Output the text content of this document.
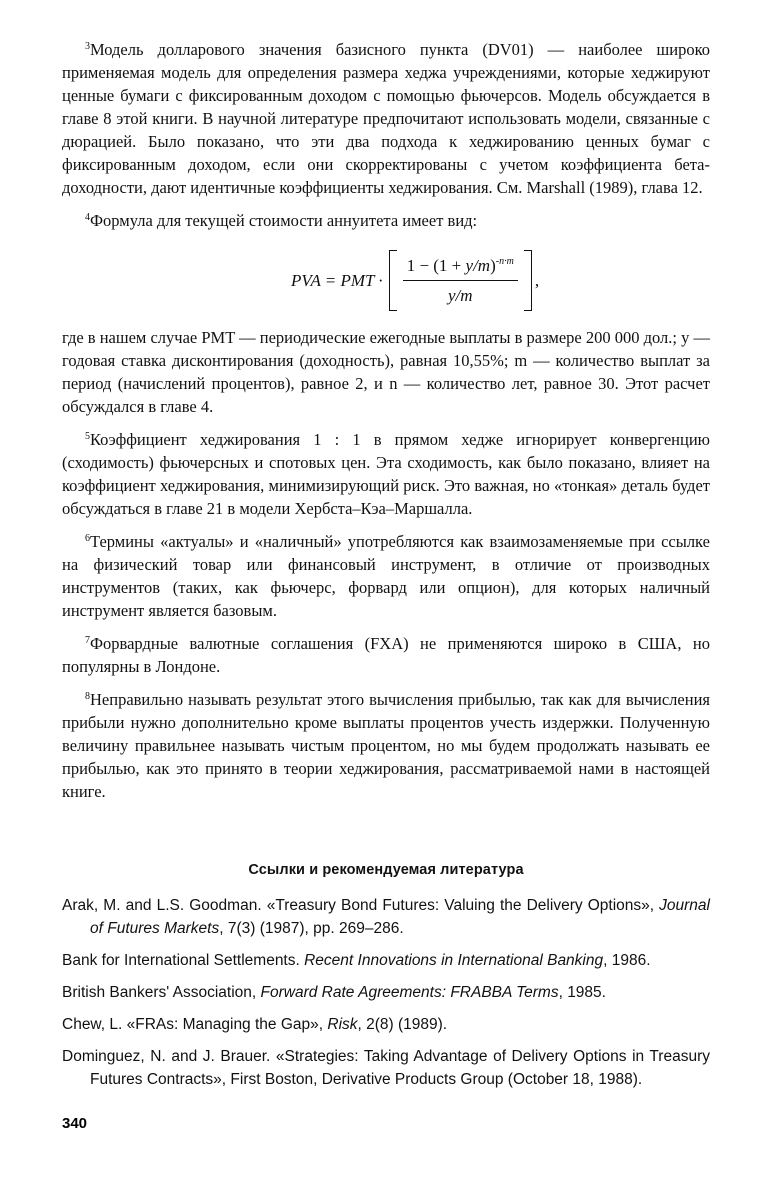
$^3$Модель долларового значения базисного пункта (DV01) — наиболее широко применяемая модель для определения размера хеджа учреждениями, которые хеджируют ценные бумаги с фиксированным доходом с помощью фьючерсов. Модель обсуждается в главе 8 этой книги. В научной литературе предпочитают использовать модели, связанные с дюрацией. Было показано, что эти два подхода к хеджированию ценных бумаг с фиксированным доходом, если они скорректированы с учетом коэффициента бета-доходности, дают идентичные коэффициенты хеджирования. См. Marshall (1989), глава 12.

$^4$Формула для текущей стоимости аннуитета имеет вид:

PVA = PMT · $\frac{1 - (1 + y/m)^{-n\cdot m}}{y/m}$ ,

где в нашем случае PMT — периодические ежегодные выплаты в размере 200 000 дол.; y — годовая ставка дисконтирования (доходность), равная 10,55%; m — количество выплат за период (начислений процентов), равное 2, и n — количество лет, равное 30. Этот расчет обсуждался в главе 4.

$^5$Коэффициент хеджирования 1 : 1 в прямом хедже игнорирует конвергенцию (сходимость) фьючерсных и спотовых цен. Эта сходимость, как было показано, влияет на коэффициент хеджирования, минимизирующий риск. Это важная, но «тонкая» деталь будет обсуждаться в главе 21 в модели Хербста–Кэа–Маршалла.

$^6$Термины «актуалы» и «наличный» употребляются как взаимозаменяемые при ссылке на физический товар или финансовый инструмент, в отличие от производных инструментов (таких, как фьючерс, форвард или опцион), для которых наличный инструмент является базовым.

$^7$Форвардные валютные соглашения (FXA) не применяются широко в США, но популярны в Лондоне.

$^8$Неправильно называть результат этого вычисления прибылью, так как для вычисления прибыли нужно дополнительно кроме выплаты процентов учесть издержки. Полученную величину правильнее называть чистым процентом, но мы будем продолжать называть ее прибылью, как это принято в теории хеджирования, рассматриваемой нами в настоящей книге.

Ссылки и рекомендуемая литература

Arak, M. and L.S. Goodman. «Treasury Bond Futures: Valuing the Delivery Options», Journal of Futures Markets, 7(3) (1987), pp. 269–286.

Bank for International Settlements. Recent Innovations in International Banking, 1986.

British Bankers' Association, Forward Rate Agreements: FRABBA Terms, 1985.

Chew, L. «FRAs: Managing the Gap», Risk, 2(8) (1989).

Dominguez, N. and J. Brauer. «Strategies: Taking Advantage of Delivery Options in Treasury Futures Contracts», First Boston, Derivative Products Group (October 18, 1988).

340
